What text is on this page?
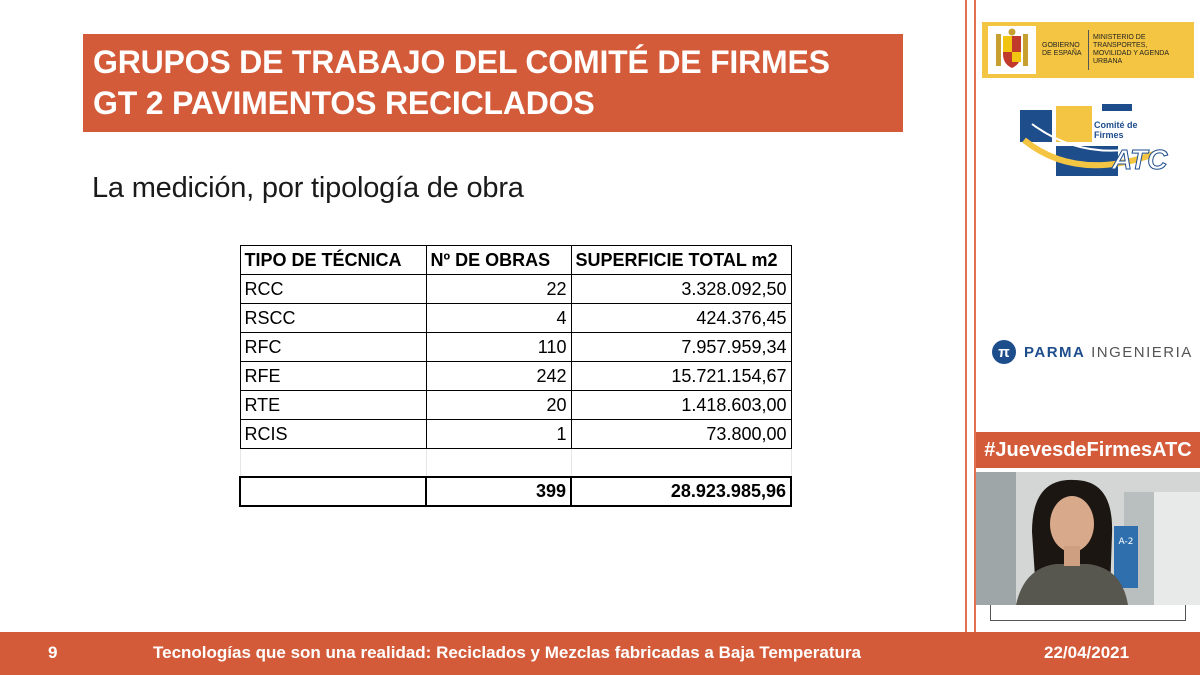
GRUPOS DE TRABAJO DEL COMITÉ DE FIRMES
GT 2 PAVIMENTOS RECICLADOS
La medición, por tipología de obra
TIPO DE TÉCNICA	Nº DE OBRAS	SUPERFICIE TOTAL m2
RCC	22	3.328.092,50
RSCC	4	424.376,45
RFC	110	7.957.959,34
RFE	242	15.721.154,67
RTE	20	1.418.603,00
RCIS	1	73.800,00

	399	28.923.985,96
GOBIERNO DE ESPAÑA
MINISTERIO DE TRANSPORTES, MOVILIDAD Y AGENDA URBANA
Comité de Firmes
ATC
π PARMA INGENIERIA
#JuevesdeFirmesATC
A-2
9	Tecnologías que son una realidad: Reciclados y Mezclas fabricadas a Baja Temperatura	22/04/2021
